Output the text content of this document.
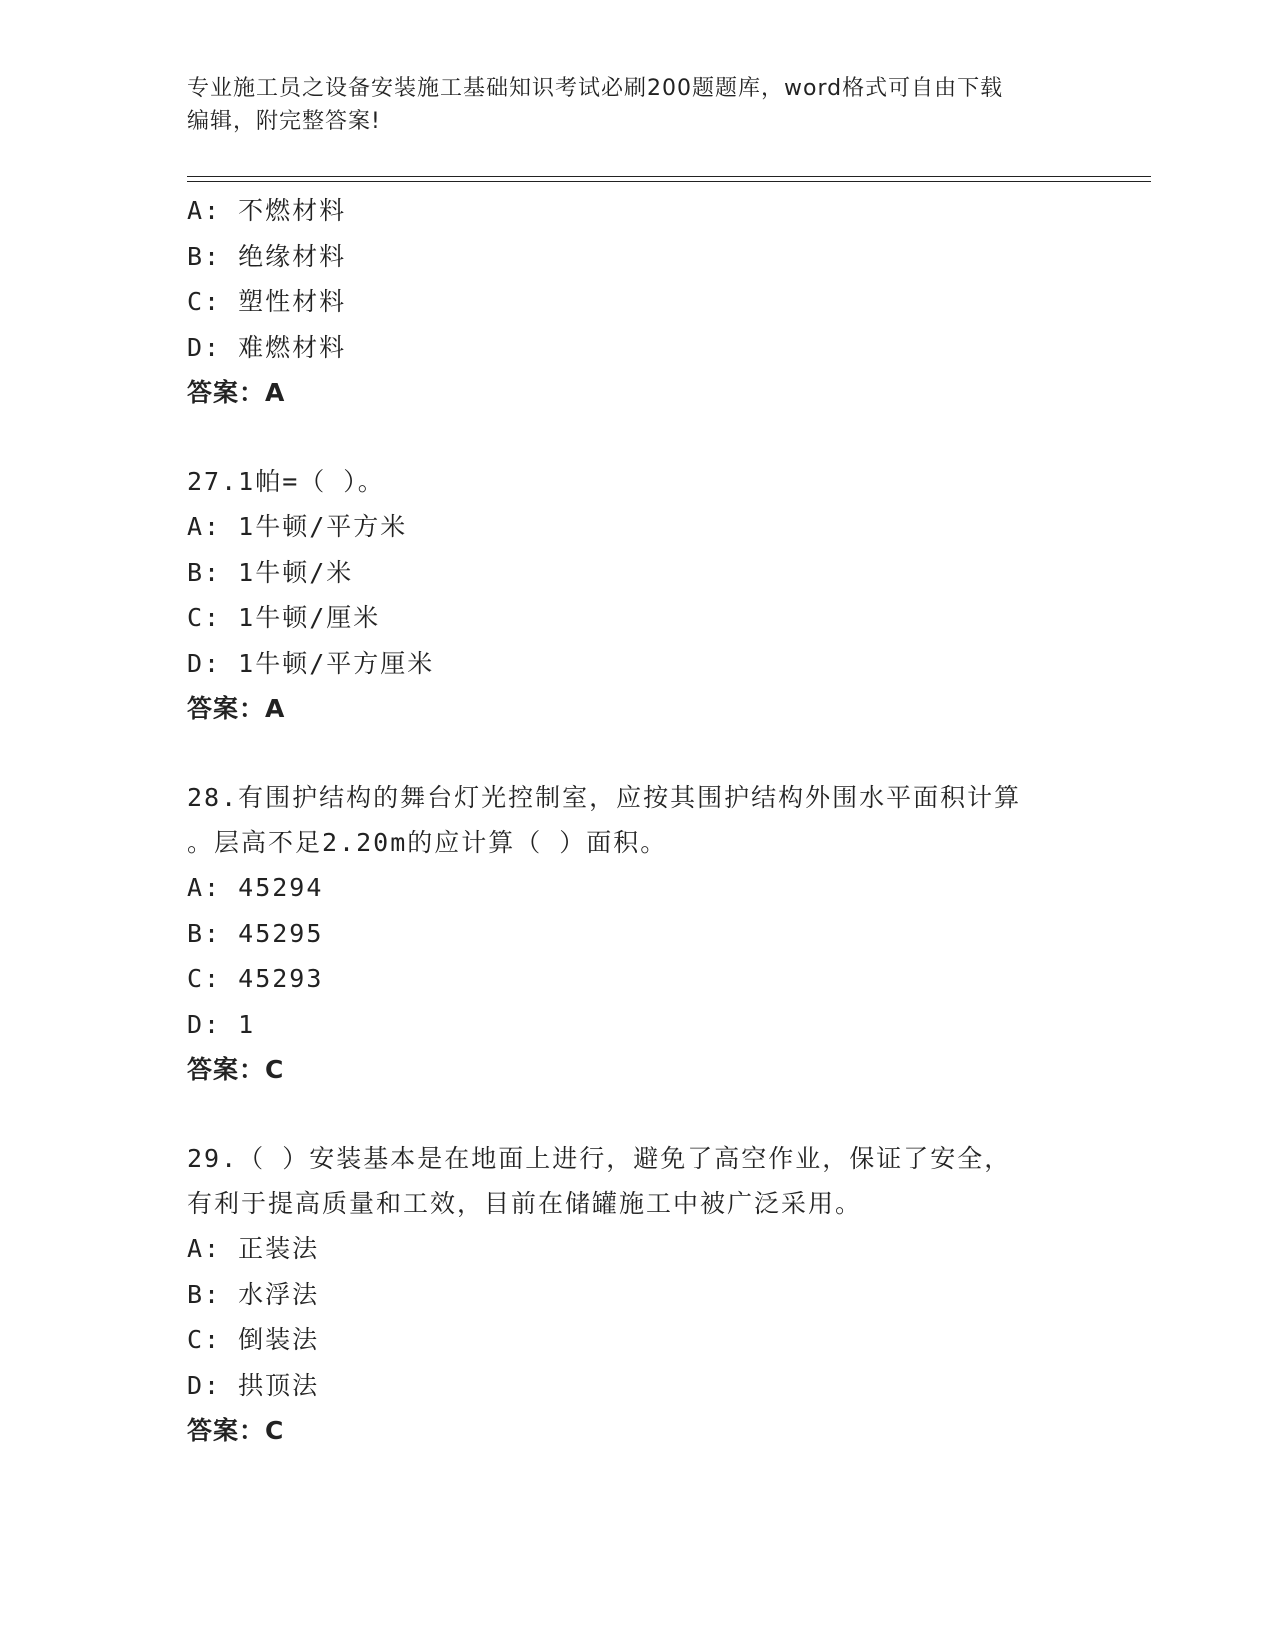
专业施工员之设备安装施工基础知识考试必刷200题题库，word格式可自由下载
编辑，附完整答案!
A: 不燃材料
B: 绝缘材料
C: 塑性材料
D: 难燃材料
答案：A
27.1帕=（ ）。
A: 1牛顿/平方米
B: 1牛顿/米
C: 1牛顿/厘米
D: 1牛顿/平方厘米
答案：A
28.有围护结构的舞台灯光控制室，应按其围护结构外围水平面积计算
。层高不足2.20m的应计算（ ）面积。
A: 45294
B: 45295
C: 45293
D: 1
答案：C
29.（ ）安装基本是在地面上进行，避免了高空作业，保证了安全，
有利于提高质量和工效，目前在储罐施工中被广泛采用。
A: 正装法
B: 水浮法
C: 倒装法
D: 拱顶法
答案：C
